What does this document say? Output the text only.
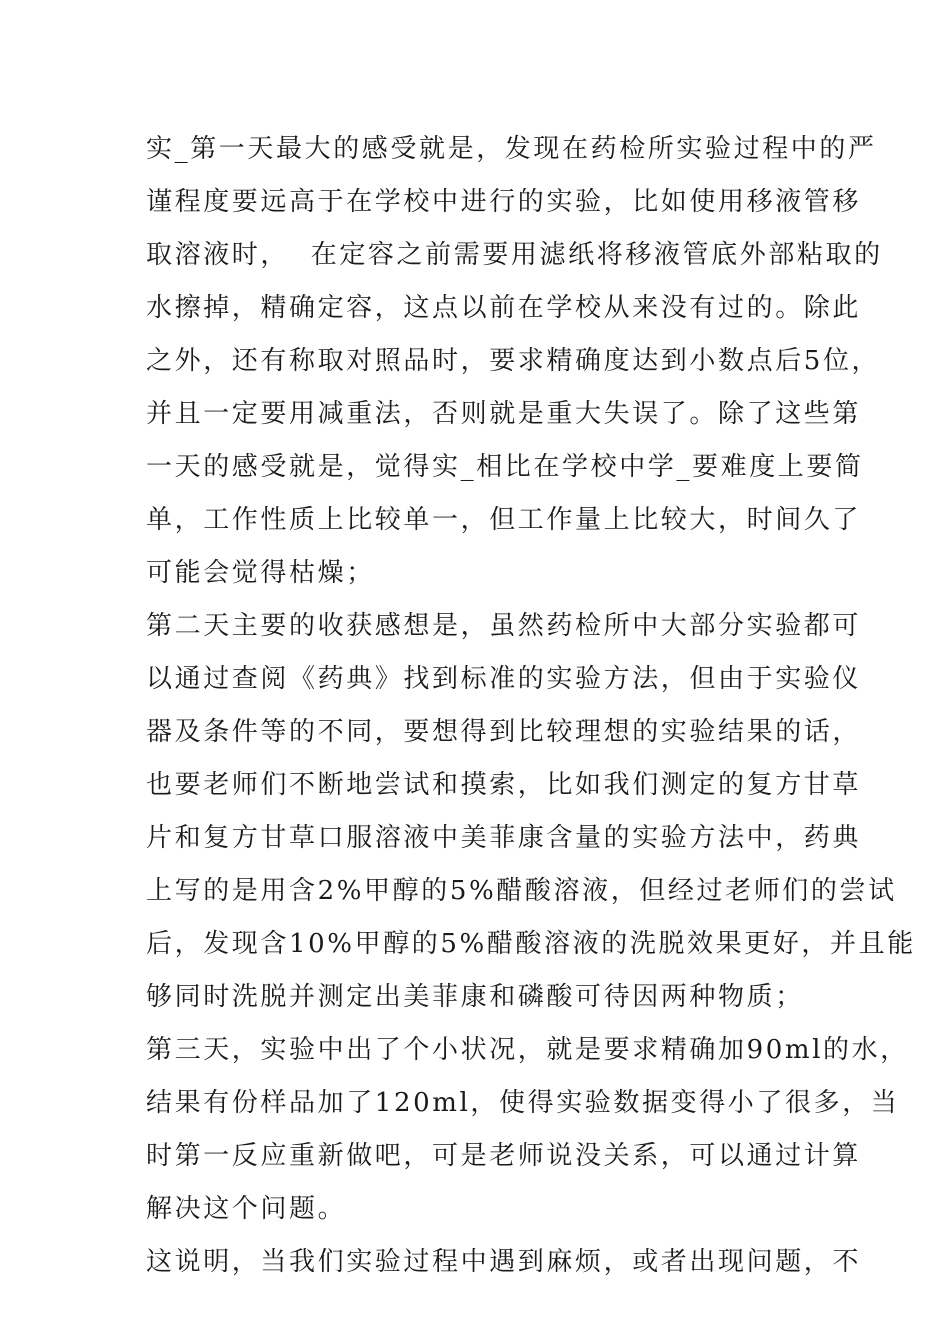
实_第一天最大的感受就是，发现在药检所实验过程中的严
谨程度要远高于在学校中进行的实验，比如使用移液管移
取溶液时，  在定容之前需要用滤纸将移液管底外部粘取的
水擦掉，精确定容，这点以前在学校从来没有过的。除此
之外，还有称取对照品时，要求精确度达到小数点后5位，
并且一定要用减重法，否则就是重大失误了。除了这些第
一天的感受就是，觉得实_相比在学校中学_要难度上要简
单，工作性质上比较单一，但工作量上比较大，时间久了
可能会觉得枯燥；
第二天主要的收获感想是，虽然药检所中大部分实验都可
以通过查阅《药典》找到标准的实验方法，但由于实验仪
器及条件等的不同，要想得到比较理想的实验结果的话，
也要老师们不断地尝试和摸索，比如我们测定的复方甘草
片和复方甘草口服溶液中美菲康含量的实验方法中，药典
上写的是用含2%甲醇的5%醋酸溶液，但经过老师们的尝试
后，发现含10%甲醇的5%醋酸溶液的洗脱效果更好，并且能
够同时洗脱并测定出美菲康和磷酸可待因两种物质；
第三天，实验中出了个小状况，就是要求精确加90ml的水，
结果有份样品加了120ml，使得实验数据变得小了很多，当
时第一反应重新做吧，可是老师说没关系，可以通过计算
解决这个问题。
这说明，当我们实验过程中遇到麻烦，或者出现问题，不
